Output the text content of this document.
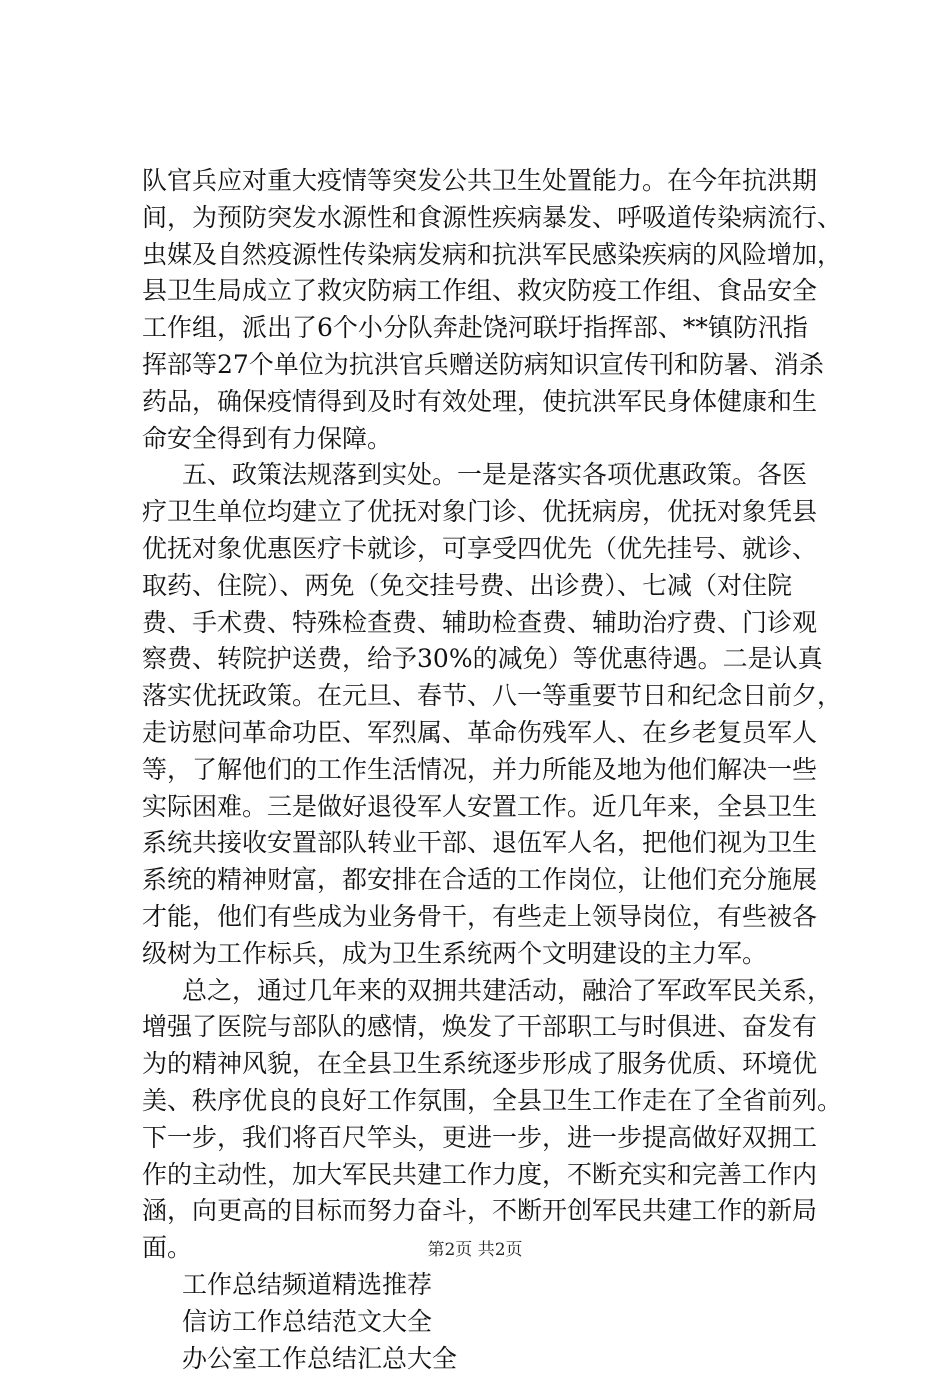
队官兵应对重大疫情等突发公共卫生处置能力。在今年抗洪期
间，为预防突发水源性和食源性疾病暴发、呼吸道传染病流行、
虫媒及自然疫源性传染病发病和抗洪军民感染疾病的风险增加，
县卫生局成立了救灾防病工作组、救灾防疫工作组、食品安全
工作组，派出了6个小分队奔赴饶河联圩指挥部、**镇防汛指
挥部等27个单位为抗洪官兵赠送防病知识宣传刊和防暑、消杀
药品，确保疫情得到及时有效处理，使抗洪军民身体健康和生
命安全得到有力保障。
五、政策法规落到实处。一是是落实各项优惠政策。各医
疗卫生单位均建立了优抚对象门诊、优抚病房，优抚对象凭县
优抚对象优惠医疗卡就诊，可享受四优先（优先挂号、就诊、
取药、住院）、两免（免交挂号费、出诊费）、七减（对住院
费、手术费、特殊检查费、辅助检查费、辅助治疗费、门诊观
察费、转院护送费，给予30%的减免）等优惠待遇。二是认真
落实优抚政策。在元旦、春节、八一等重要节日和纪念日前夕，
走访慰问革命功臣、军烈属、革命伤残军人、在乡老复员军人
等，了解他们的工作生活情况，并力所能及地为他们解决一些
实际困难。三是做好退役军人安置工作。近几年来，全县卫生
系统共接收安置部队转业干部、退伍军人名，把他们视为卫生
系统的精神财富，都安排在合适的工作岗位，让他们充分施展
才能，他们有些成为业务骨干，有些走上领导岗位，有些被各
级树为工作标兵，成为卫生系统两个文明建设的主力军。
总之，通过几年来的双拥共建活动，融洽了军政军民关系，
增强了医院与部队的感情，焕发了干部职工与时俱进、奋发有
为的精神风貌，在全县卫生系统逐步形成了服务优质、环境优
美、秩序优良的良好工作氛围，全县卫生工作走在了全省前列。
下一步，我们将百尺竿头，更进一步，进一步提高做好双拥工
作的主动性，加大军民共建工作力度，不断充实和完善工作内
涵，向更高的目标而努力奋斗，不断开创军民共建工作的新局
面。
工作总结频道精选推荐
信访工作总结范文大全
办公室工作总结汇总大全
第2页 共2页
